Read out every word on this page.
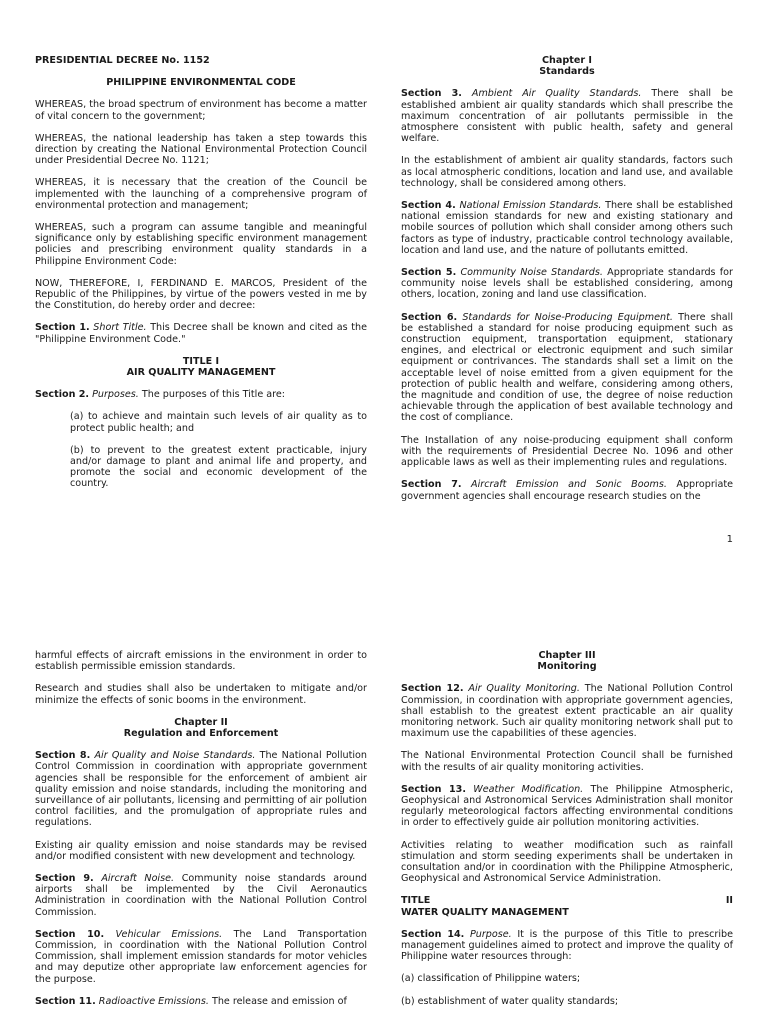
PRESIDENTIAL DECREE No. 1152

PHILIPPINE ENVIRONMENTAL CODE

WHEREAS, the broad spectrum of environment has become a matter of vital concern to the government;

WHEREAS, the national leadership has taken a step towards this direction by creating the National Environmental Protection Council under Presidential Decree No. 1121;

WHEREAS, it is necessary that the creation of the Council be implemented with the launching of a comprehensive program of environmental protection and management;

WHEREAS, such a program can assume tangible and meaningful significance only by establishing specific environment management policies and prescribing environment quality standards in a Philippine Environment Code:

NOW, THEREFORE, I, FERDINAND E. MARCOS, President of the Republic of the Philippines, by virtue of the powers vested in me by the Constitution, do hereby order and decree:

Section 1. Short Title. This Decree shall be known and cited as the "Philippine Environment Code."

TITLE I
AIR QUALITY MANAGEMENT

Section 2. Purposes. The purposes of this Title are:

(a) to achieve and maintain such levels of air quality as to protect public health; and

(b) to prevent to the greatest extent practicable, injury and/or damage to plant and animal life and property, and promote the social and economic development of the country.

Chapter I
Standards

Section 3. Ambient Air Quality Standards. There shall be established ambient air quality standards which shall prescribe the maximum concentration of air pollutants permissible in the atmosphere consistent with public health, safety and general welfare.

In the establishment of ambient air quality standards, factors such as local atmospheric conditions, location and land use, and available technology, shall be considered among others.

Section 4. National Emission Standards. There shall be established national emission standards for new and existing stationary and mobile sources of pollution which shall consider among others such factors as type of industry, practicable control technology available, location and land use, and the nature of pollutants emitted.

Section 5. Community Noise Standards. Appropriate standards for community noise levels shall be established considering, among others, location, zoning and land use classification.

Section 6. Standards for Noise-Producing Equipment. There shall be established a standard for noise producing equipment such as construction equipment, transportation equipment, stationary engines, and electrical or electronic equipment and such similar equipment or contrivances. The standards shall set a limit on the acceptable level of noise emitted from a given equipment for the protection of public health and welfare, considering among others, the magnitude and condition of use, the degree of noise reduction achievable through the application of best available technology and the cost of compliance.

The Installation of any noise-producing equipment shall conform with the requirements of Presidential Decree No. 1096 and other applicable laws as well as their implementing rules and regulations.

Section 7. Aircraft Emission and Sonic Booms. Appropriate government agencies shall encourage research studies on the

1

harmful effects of aircraft emissions in the environment in order to establish permissible emission standards.

Research and studies shall also be undertaken to mitigate and/or minimize the effects of sonic booms in the environment.

Chapter II
Regulation and Enforcement

Section 8. Air Quality and Noise Standards. The National Pollution Control Commission in coordination with appropriate government agencies shall be responsible for the enforcement of ambient air quality emission and noise standards, including the monitoring and surveillance of air pollutants, licensing and permitting of air pollution control facilities, and the promulgation of appropriate rules and regulations.

Existing air quality emission and noise standards may be revised and/or modified consistent with new development and technology.

Section 9. Aircraft Noise. Community noise standards around airports shall be implemented by the Civil Aeronautics Administration in coordination with the National Pollution Control Commission.

Section 10. Vehicular Emissions. The Land Transportation Commission, in coordination with the National Pollution Control Commission, shall implement emission standards for motor vehicles and may deputize other appropriate law enforcement agencies for the purpose.

Section 11. Radioactive Emissions. The release and emission of

Chapter III
Monitoring

Section 12. Air Quality Monitoring. The National Pollution Control Commission, in coordination with appropriate government agencies, shall establish to the greatest extent practicable an air quality monitoring network. Such air quality monitoring network shall put to maximum use the capabilities of these agencies.

The National Environmental Protection Council shall be furnished with the results of air quality monitoring activities.

Section 13. Weather Modification. The Philippine Atmospheric, Geophysical and Astronomical Services Administration shall monitor regularly meteorological factors affecting environmental conditions in order to effectively guide air pollution monitoring activities.

Activities relating to weather modification such as rainfall stimulation and storm seeding experiments shall be undertaken in consultation and/or in coordination with the Philippine Atmospheric, Geophysical and Astronomical Service Administration.

TITLE	II
WATER QUALITY MANAGEMENT

Section 14. Purpose. It is the purpose of this Title to prescribe management guidelines aimed to protect and improve the quality of Philippine water resources through:

(a) classification of Philippine waters;

(b) establishment of water quality standards;
